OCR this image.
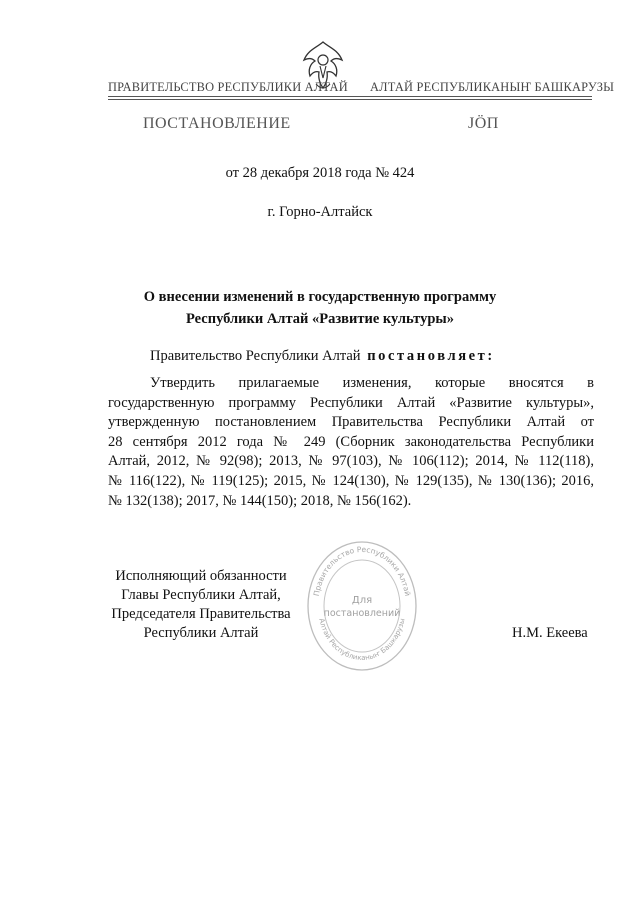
ПРАВИТЕЛЬСТВО РЕСПУБЛИКИ АЛТАЙ АЛТАЙ РЕСПУБЛИКАНЫҤ БАШКАРУЗЫ
ПОСТАНОВЛЕНИЕ	ЈӦП
от 28 декабря 2018 года № 424
г. Горно-Алтайск
О внесении изменений в государственную программу
Республики Алтай «Развитие культуры»
Правительство Республики Алтай постановляет:
Утвердить прилагаемые изменения, которые вносятся в
государственную программу Республики Алтай «Развитие культуры»,
утвержденную постановлением Правительства Республики Алтай от
28 сентября 2012 года № 249 (Сборник законодательства Республики
Алтай, 2012, № 92(98); 2013, № 97(103), № 106(112); 2014, № 112(118),
№ 116(122), № 119(125); 2015, № 124(130), № 129(135), № 130(136); 2016,
№ 132(138); 2017, № 144(150); 2018, № 156(162).
Исполняющий обязанности
Главы Республики Алтай,
Председателя Правительства
Республики Алтай	Н.М. Екеева
Правительство Республики Алтай
Алтай Республиканыҥ Башкарузы
Для
постановлений
